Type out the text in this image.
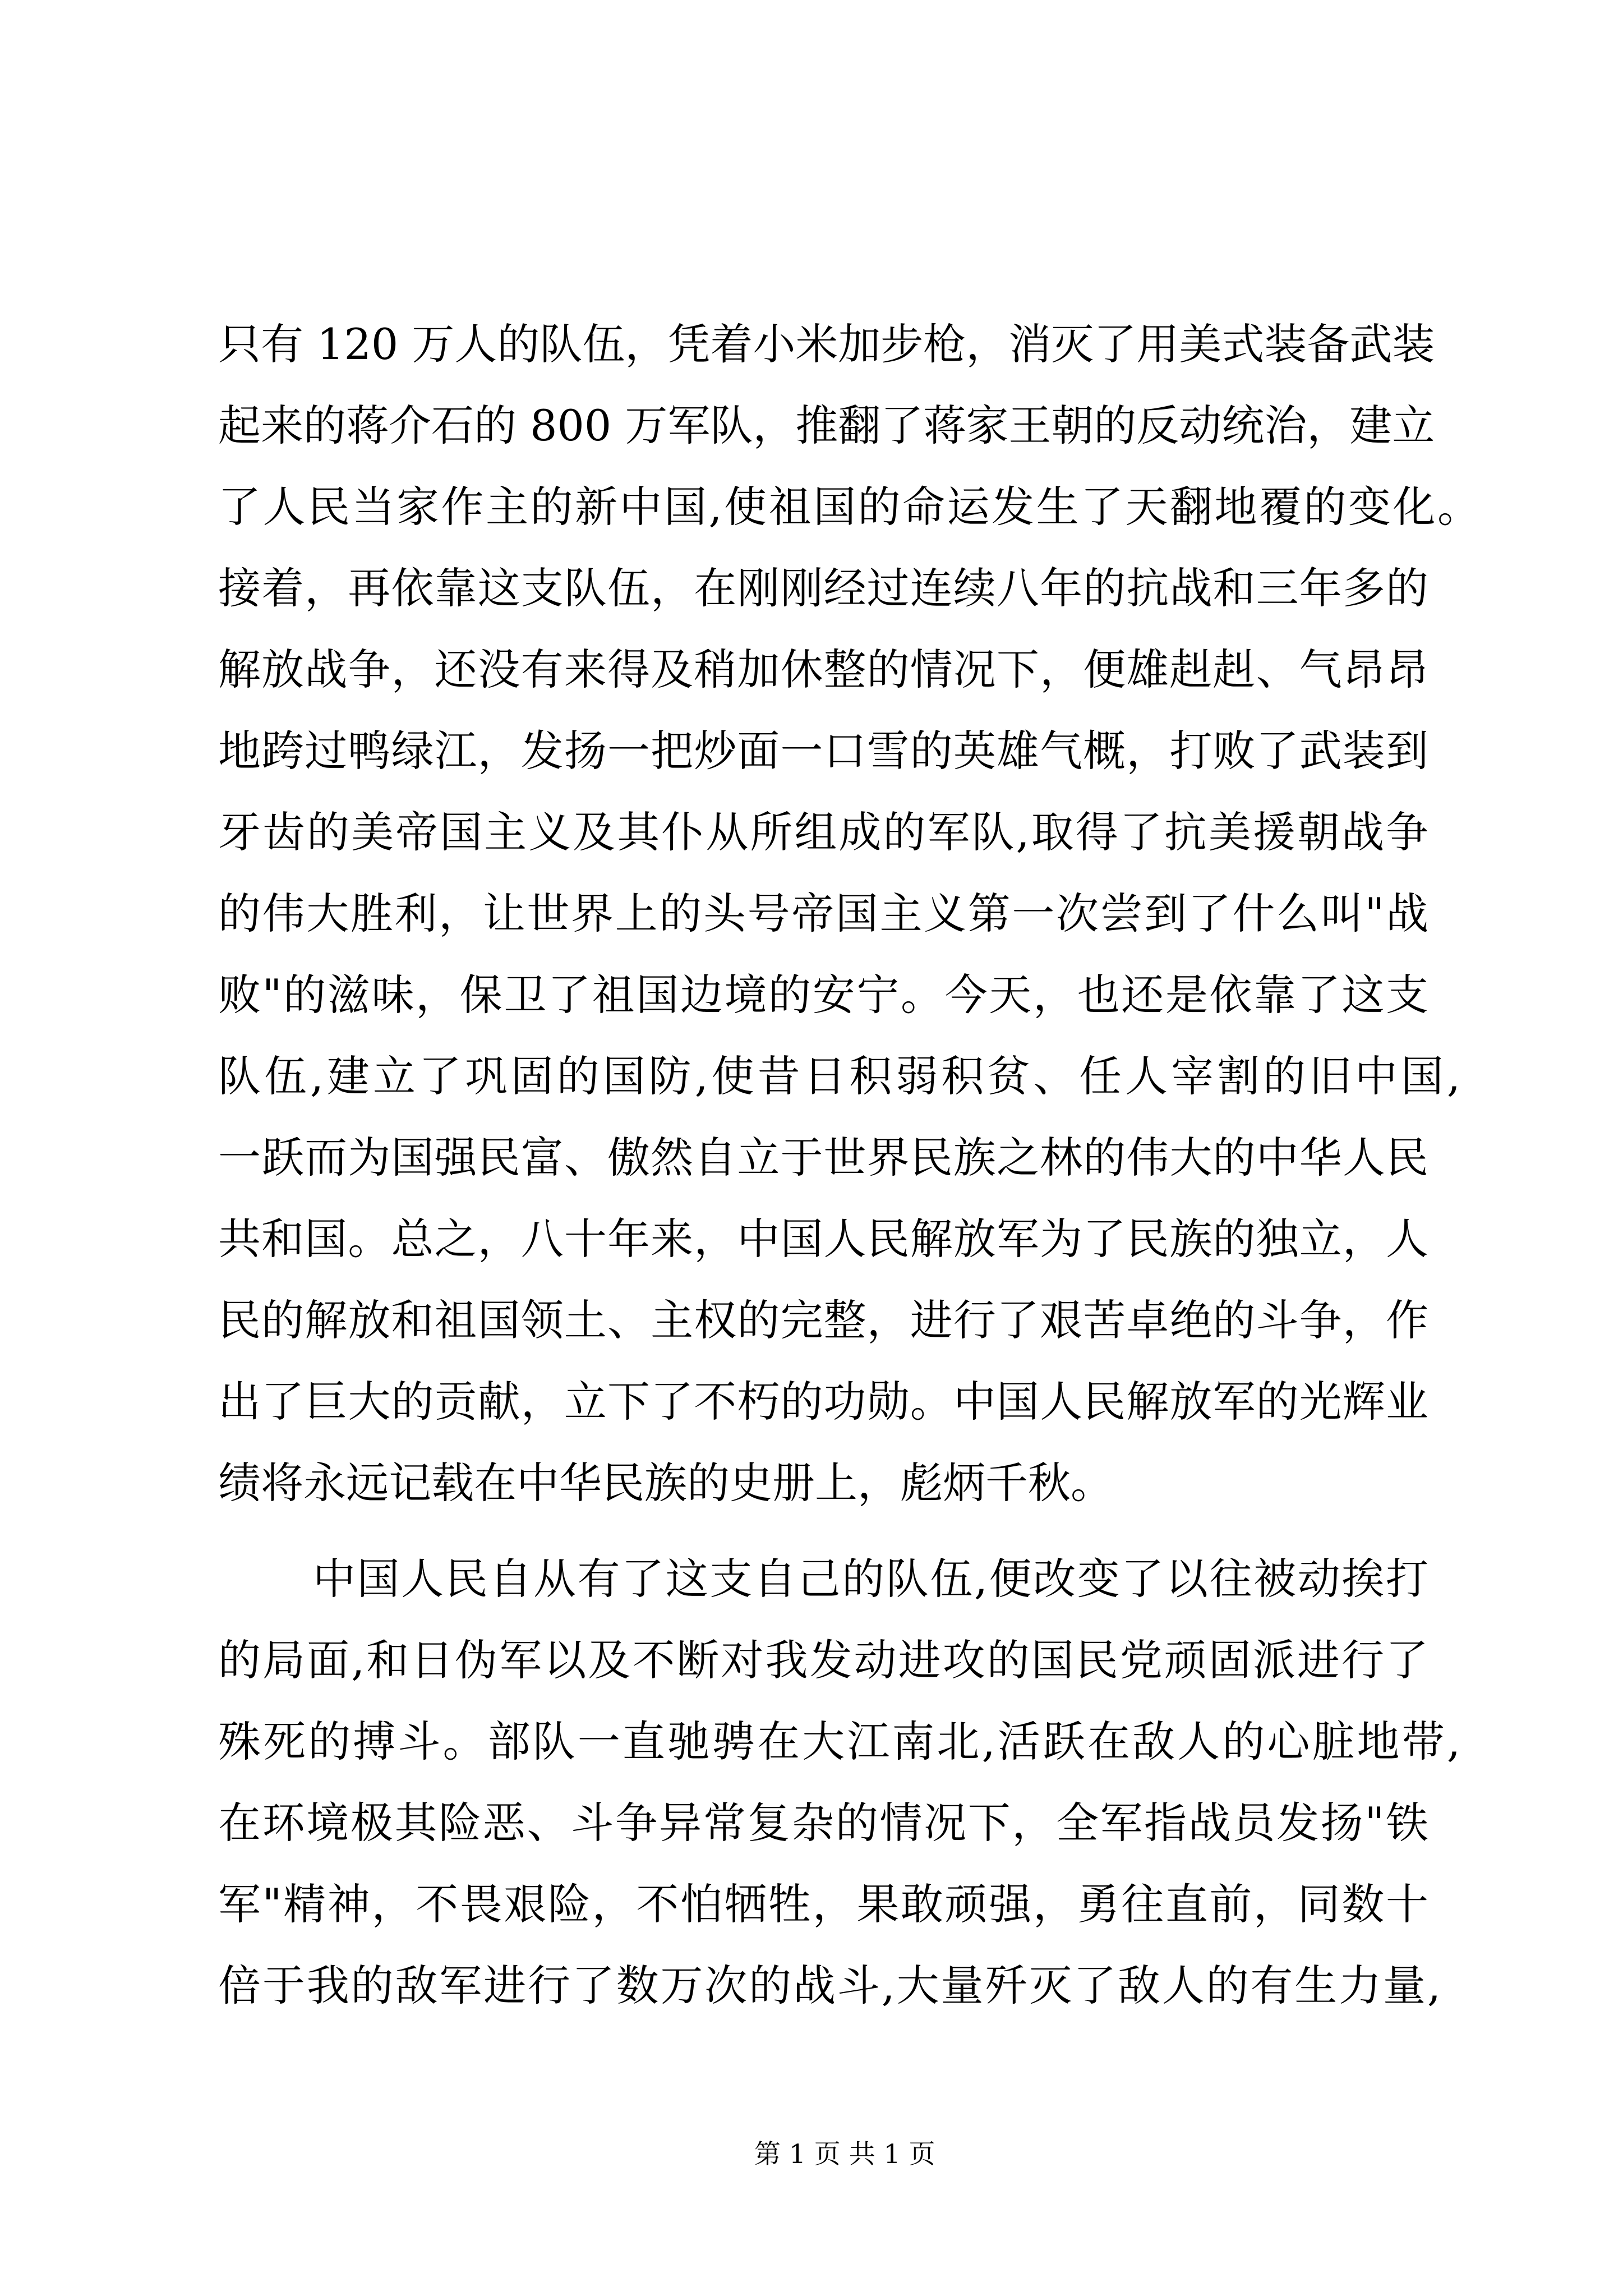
只有 120 万人的队伍，凭着小米加步枪，消灭了用美式装备武装
起来的蒋介石的 800 万军队，推翻了蒋家王朝的反动统治，建立
了人民当家作主的新中国,使祖国的命运发生了天翻地覆的变化。
接着，再依靠这支队伍，在刚刚经过连续八年的抗战和三年多的
解放战争，还没有来得及稍加休整的情况下，便雄赳赳、气昂昂
地跨过鸭绿江，发扬一把炒面一口雪的英雄气概，打败了武装到
牙齿的美帝国主义及其仆从所组成的军队,取得了抗美援朝战争
的伟大胜利，让世界上的头号帝国主义第一次尝到了什么叫"战
败"的滋味，保卫了祖国边境的安宁。今天，也还是依靠了这支
队伍,建立了巩固的国防,使昔日积弱积贫、任人宰割的旧中国,
一跃而为国强民富、傲然自立于世界民族之林的伟大的中华人民
共和国。总之，八十年来，中国人民解放军为了民族的独立，人
民的解放和祖国领土、主权的完整，进行了艰苦卓绝的斗争，作
出了巨大的贡献，立下了不朽的功勋。中国人民解放军的光辉业
绩将永远记载在中华民族的史册上，彪炳千秋。
中国人民自从有了这支自己的队伍,便改变了以往被动挨打
的局面,和日伪军以及不断对我发动进攻的国民党顽固派进行了
殊死的搏斗。部队一直驰骋在大江南北,活跃在敌人的心脏地带,
在环境极其险恶、斗争异常复杂的情况下，全军指战员发扬"铁
军"精神，不畏艰险，不怕牺牲，果敢顽强，勇往直前，同数十
倍于我的敌军进行了数万次的战斗,大量歼灭了敌人的有生力量,
第 1 页 共 1 页
